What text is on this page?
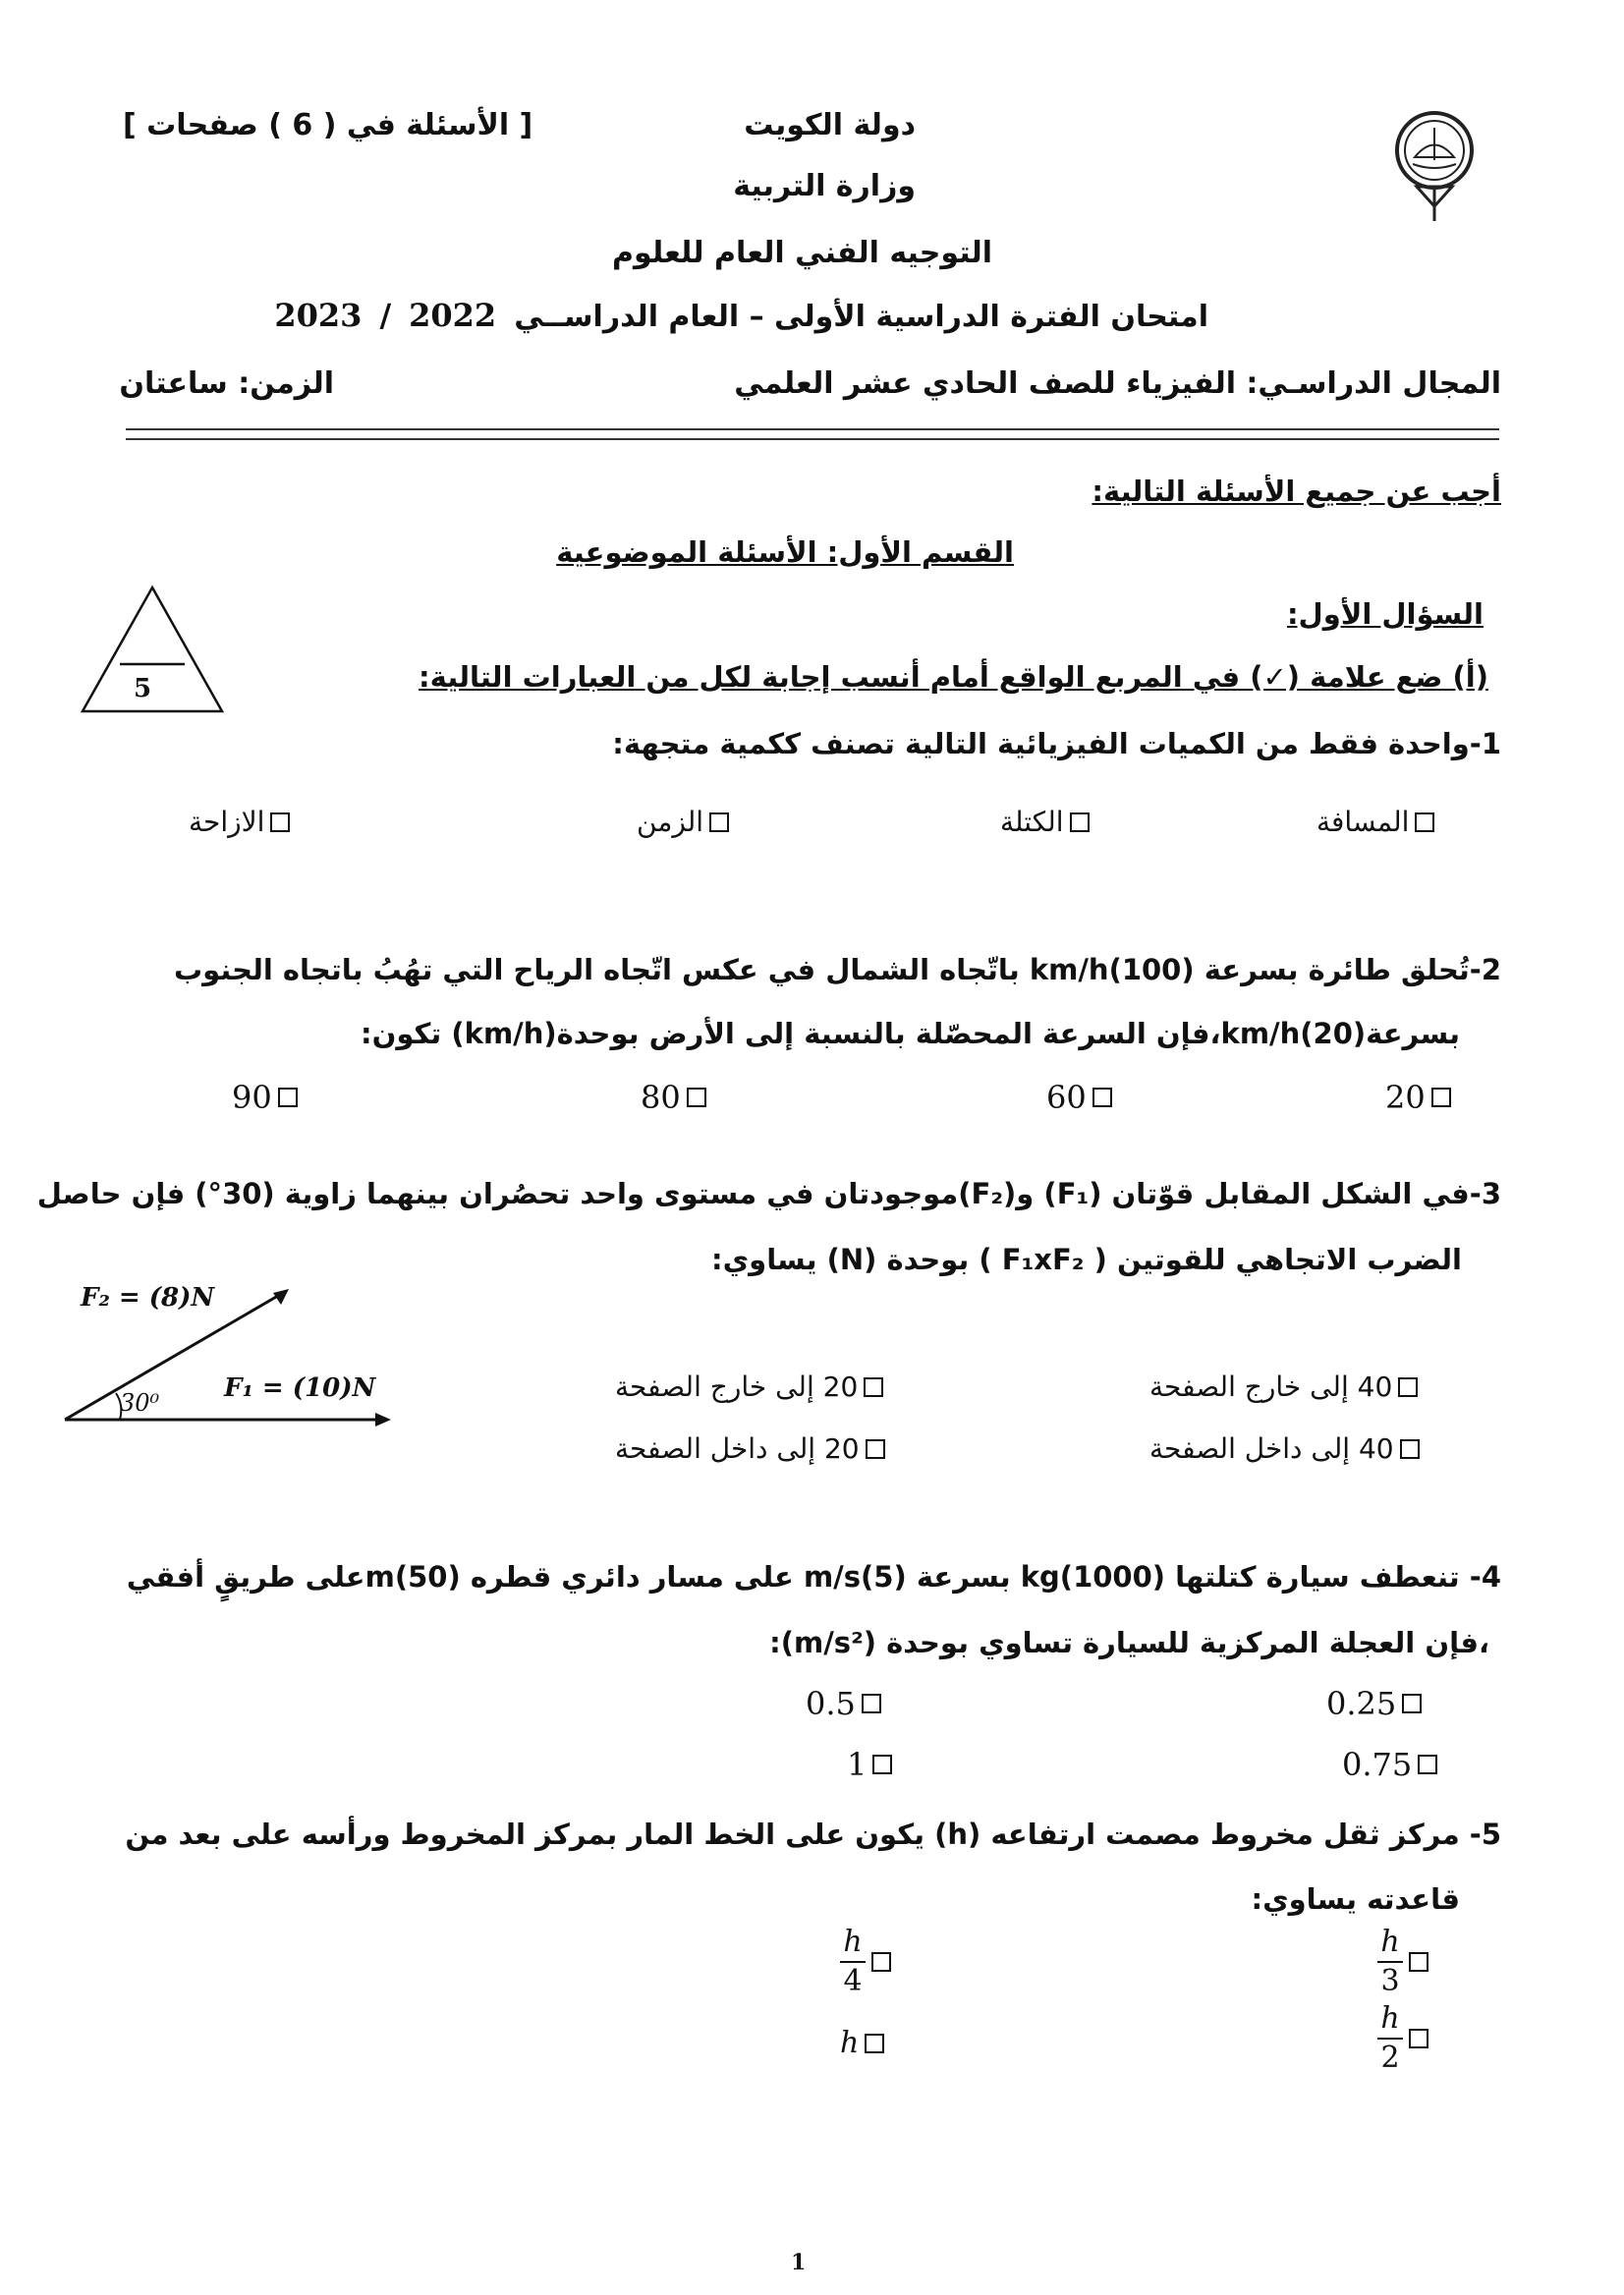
دولة الكويت
وزارة التربية
التوجيه الفني العام للعلوم
[ الأسئلة في ( 6 ) صفحات ]
امتحان الفترة الدراسية الأولى – العام الدراســي
2022
/
2023
المجال الدراسـي: الفيزياء للصف الحادي عشر العلمي
الزمن: ساعتان
أجب عن جميع الأسئلة التالية:
القسم الأول: الأسئلة الموضوعية
5
السؤال الأول:
(أ) ضع علامة (✓) في المربع الواقع أمام أنسب إجابة لكل من العبارات التالية:
1-واحدة فقط من الكميات الفيزيائية التالية تصنف ككمية متجهة:
المسافة
الكتلة
الزمن
الازاحة
2-تُحلق طائرة بسرعة (100)km/h باتّجاه الشمال في عكس اتّجاه الرياح التي تهُبُ باتجاه الجنوب
بسرعةkm/h(20)،فإن السرعة المحصّلة بالنسبة إلى الأرض بوحدة(km/h) تكون:
20
60
80
90
3-في الشكل المقابل قوّتان (F₁) و(F₂)موجودتان في مستوى واحد تحصُران بينهما زاوية (30°) فإن حاصل
الضرب الاتجاهي للقوتين ( F₁xF₂ ) بوحدة (N) يساوي:
F₂ = (8)N
F₁ = (10)N
30⁰	40 إلى خارج الصفحة
20 إلى خارج الصفحة
40 إلى داخل الصفحة
20 إلى داخل الصفحة
4- تنعطف سيارة كتلتها kg(1000) بسرعة m/s(5) على مسار دائري قطره m(50)على طريقٍ أفقي
،فإن العجلة المركزية للسيارة تساوي بوحدة (m/s²):
0.25
0.5
0.75
1
5- مركز ثقل مخروط مصمت ارتفاعه (h) يكون على الخط المار بمركز المخروط ورأسه على بعد من
قاعدته يساوي:
$\frac{h}{3}$
$\frac{h}{4}$
$\frac{h}{2}$
h
1
